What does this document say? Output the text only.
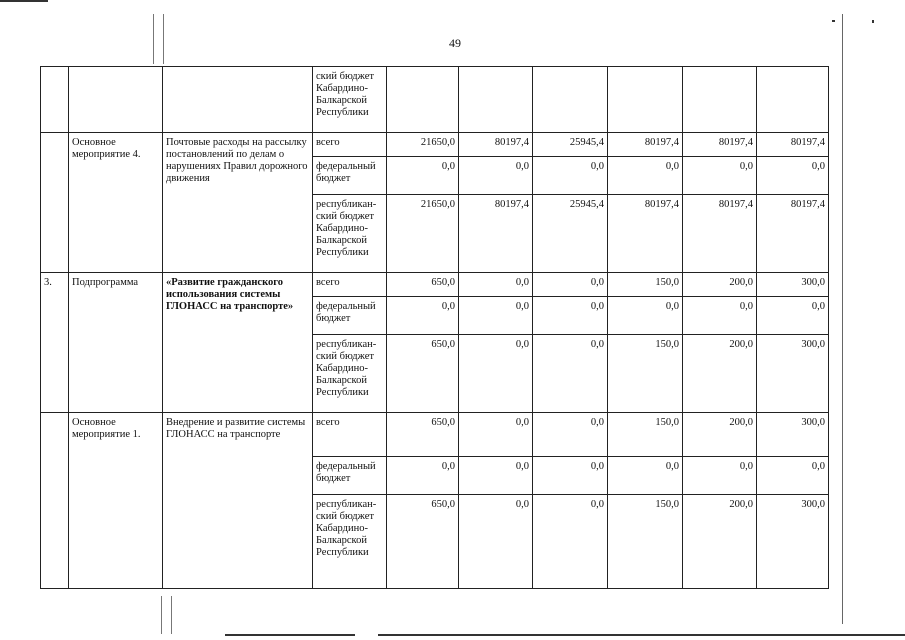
49
			ский бюджет Кабардино-Балкарской Республики						
	Основное мероприятие 4.	Почтовые расходы на рассылку постановлений по делам о нарушениях Правил дорожного движения	всего	21650,0	80197,4	25945,4	80197,4	80197,4	80197,4
			федеральный бюджет	0,0	0,0	0,0	0,0	0,0	0,0
			республикан-ский бюджет Кабардино-Балкарской Республики	21650,0	80197,4	25945,4	80197,4	80197,4	80197,4
3.	Подпрограмма	«Развитие гражданского использования системы ГЛОНАСС на транспорте»	всего	650,0	0,0	0,0	150,0	200,0	300,0
			федеральный бюджет	0,0	0,0	0,0	0,0	0,0	0,0
			республикан-ский бюджет Кабардино-Балкарской Республики	650,0	0,0	0,0	150,0	200,0	300,0
	Основное мероприятие 1.	Внедрение и развитие системы ГЛОНАСС на транспорте	всего	650,0	0,0	0,0	150,0	200,0	300,0
			федеральный бюджет	0,0	0,0	0,0	0,0	0,0	0,0
			республикан-ский бюджет Кабардино-Балкарской Республики	650,0	0,0	0,0	150,0	200,0	300,0
